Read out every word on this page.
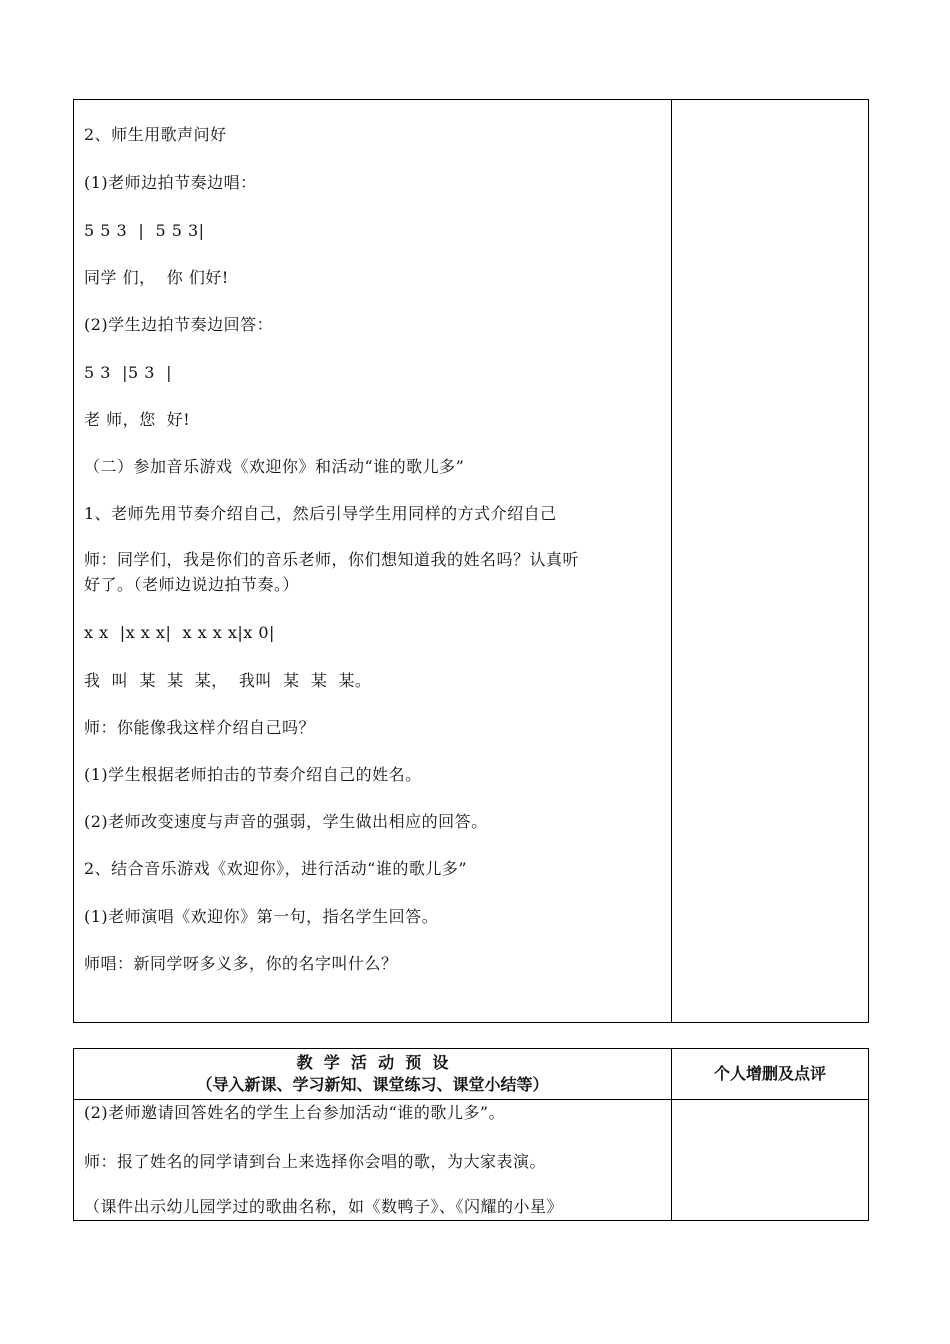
2、师生用歌声问好
(1)老师边拍节奏边唱：
5 5 3  |  5 5 3|
同学 们，  你 们好!
(2)学生边拍节奏边回答：
5 3  |5 3  |
老 师，您  好!
（二）参加音乐游戏《欢迎你》和活动“谁的歌儿多”
1、老师先用节奏介绍自己，然后引导学生用同样的方式介绍自己
师：同学们，我是你们的音乐老师，你们想知道我的姓名吗？认真听
好了。（老师边说边拍节奏。）
x x  |x x x|  x x x x|x 0|
我  叫  某  某  某，  我叫  某  某  某。
师：你能像我这样介绍自己吗？
(1)学生根据老师拍击的节奏介绍自己的姓名。
(2)老师改变速度与声音的强弱，学生做出相应的回答。
2、结合音乐游戏《欢迎你》，进行活动“谁的歌儿多”
(1)老师演唱《欢迎你》第一句，指名学生回答。
师唱：新同学呀多义多，你的名字叫什么？
教  学  活  动  预  设
（导入新课、学习新知、课堂练习、课堂小结等）
个人增删及点评
(2)老师邀请回答姓名的学生上台参加活动“谁的歌儿多”。
师：报了姓名的同学请到台上来选择你会唱的歌，为大家表演。
（课件出示幼儿园学过的歌曲名称，如《数鸭子》、《闪耀的小星》
